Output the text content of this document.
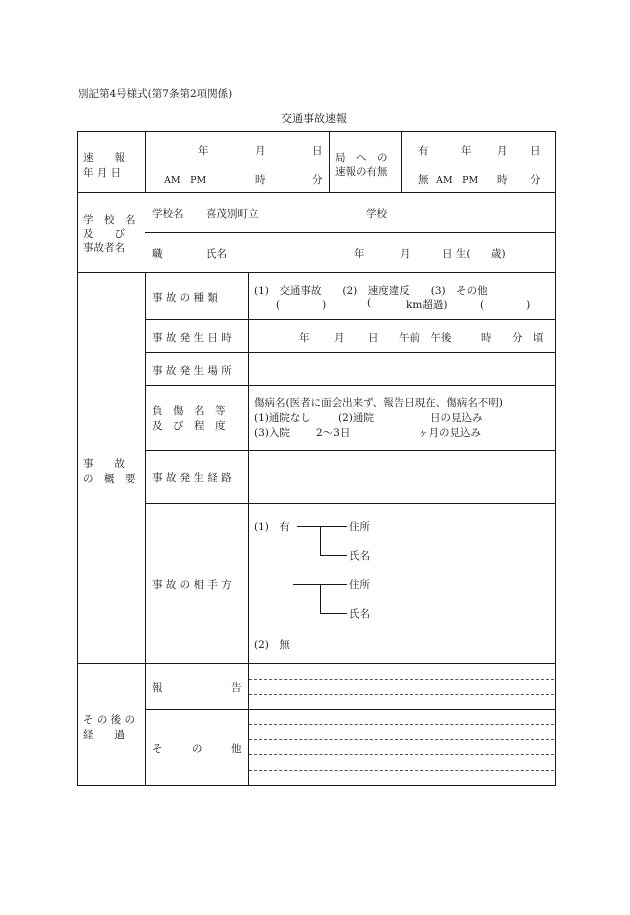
別記第4号様式(第7条第2項関係)
交通事故速報
速　　報
年 月 日
年	月	日
AM　PM	時	分
局　へ　の
速報の有無
有	年 月 日
無 AM　PM 時 分
学　校　名
及　　び
事故者名
学校名 喜茂別町立	学校
職	氏名	年	月	日 生( 歳)
事　　故
の　概　要
事 故 の 種 類
(1)　交通事故　　(2)　速度違反　　(3)　その他
(　　　　)	(	km超過)	(　　　　)
事 故 発 生 日 時	年 月 日 午前　午後	時 分　頃
事 故 発 生 場 所
負　傷　名　等
及　び　程　度
傷病名(医者に面会出来ず、報告日現在、傷病名不明)
(1)通院なし	(2)通院	日の見込み
(3)入院 2〜3日	ヶ月の見込み
事 故 発 生 経 路
事 故 の 相 手 方
(1)　有	住所
氏名
住所
氏名
(2)　無
そ の 後 の
経　　過
報	告
そ	の	他
